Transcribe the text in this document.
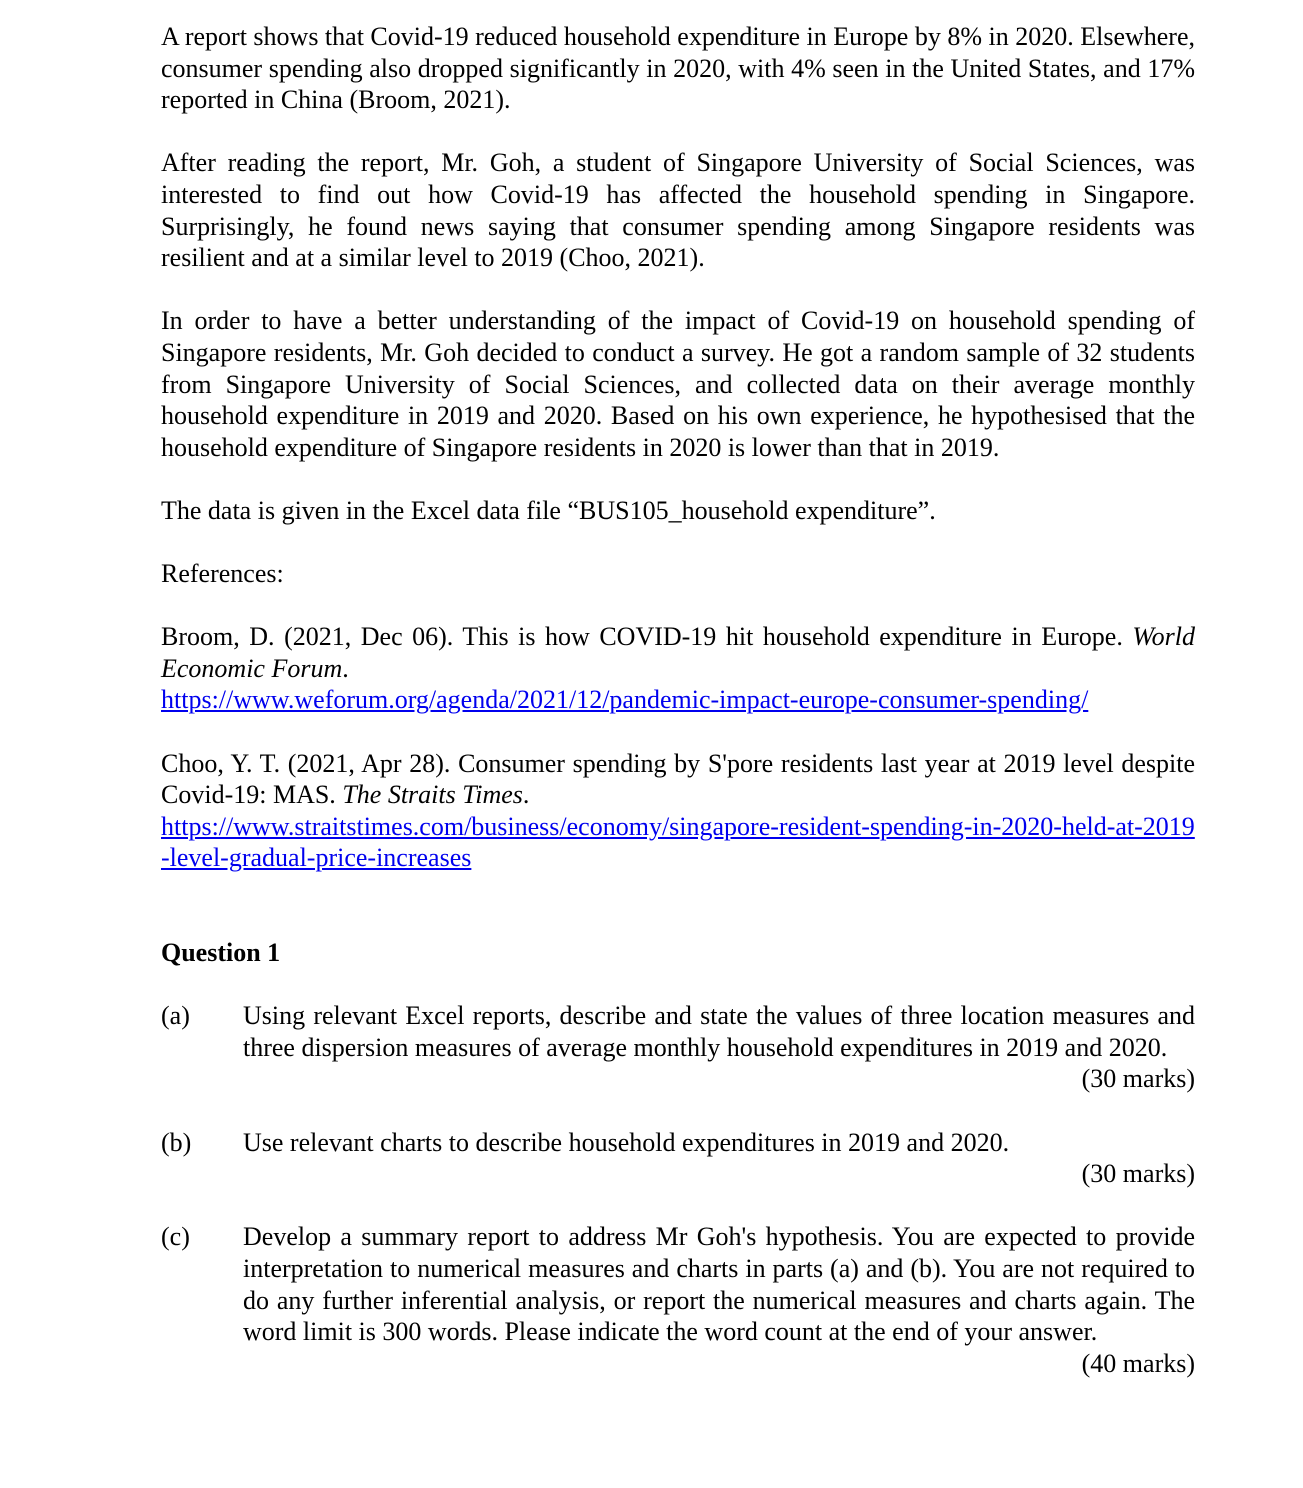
A report shows that Covid-19 reduced household expenditure in Europe by 8% in 2020. Elsewhere, consumer spending also dropped significantly in 2020, with 4% seen in the United States, and 17% reported in China (Broom, 2021).

After reading the report, Mr. Goh, a student of Singapore University of Social Sciences, was interested to find out how Covid-19 has affected the household spending in Singapore. Surprisingly, he found news saying that consumer spending among Singapore residents was resilient and at a similar level to 2019 (Choo, 2021).

In order to have a better understanding of the impact of Covid-19 on household spending of Singapore residents, Mr. Goh decided to conduct a survey. He got a random sample of 32 students from Singapore University of Social Sciences, and collected data on their average monthly household expenditure in 2019 and 2020. Based on his own experience, he hypothesised that the household expenditure of Singapore residents in 2020 is lower than that in 2019.

The data is given in the Excel data file “BUS105_household expenditure”.

References:

Broom, D. (2021, Dec 06). This is how COVID-19 hit household expenditure in Europe. World Economic Forum.
https://www.weforum.org/agenda/2021/12/pandemic-impact-europe-consumer-spending/

Choo, Y. T. (2021, Apr 28). Consumer spending by S'pore residents last year at 2019 level despite Covid-19: MAS. The Straits Times.
https://www.straitstimes.com/business/economy/singapore-resident-spending-in-2020-held-at-2019-level-gradual-price-increases

Question 1
(a)	Using relevant Excel reports, describe and state the values of three location measures and three dispersion measures of average monthly household expenditures in 2019 and 2020.
(30 marks)
(b)	Use relevant charts to describe household expenditures in 2019 and 2020.
(30 marks)
(c)	Develop a summary report to address Mr Goh's hypothesis. You are expected to provide interpretation to numerical measures and charts in parts (a) and (b). You are not required to do any further inferential analysis, or report the numerical measures and charts again. The word limit is 300 words. Please indicate the word count at the end of your answer.
(40 marks)
